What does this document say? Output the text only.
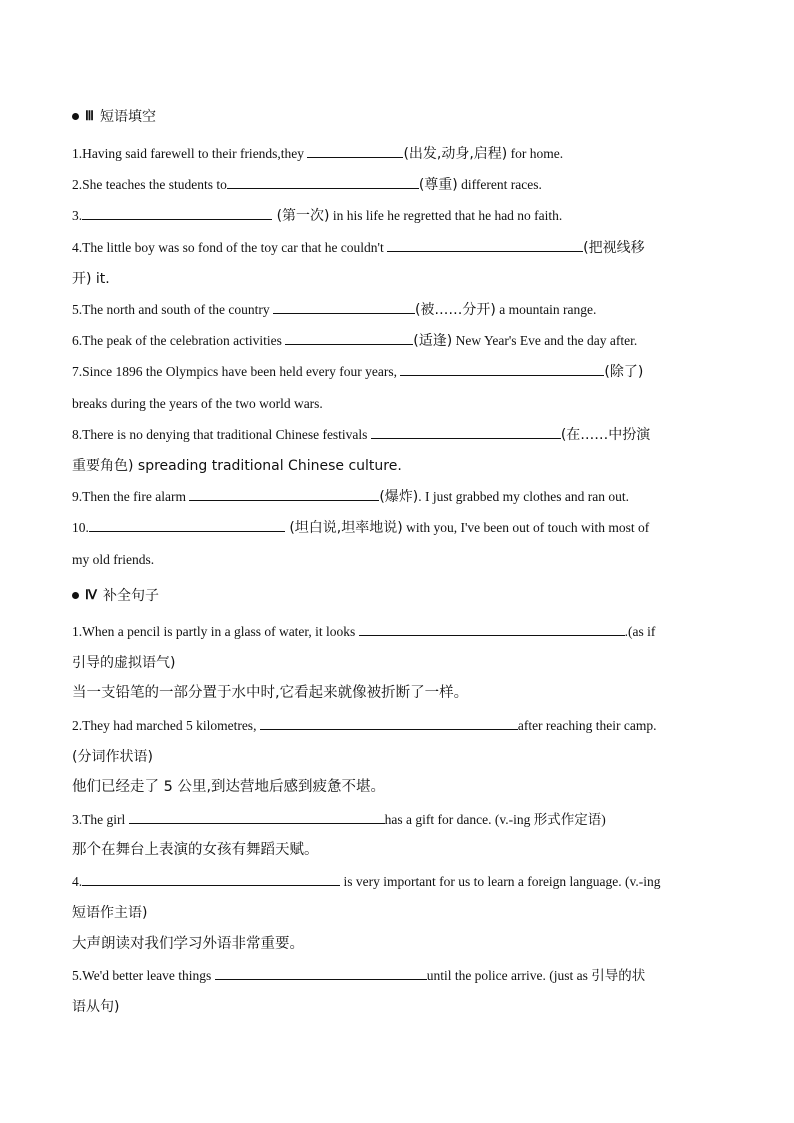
Ⅲ 短语填空
1.Having said farewell to their friends,they	(出发,动身,启程) for home.
2.She teaches the students to	(尊重) different races.
3.	(第一次) in his life he regretted that he had no faith.
4.The little boy was so fond of the toy car that he couldn't	(把视线移
开) it.
5.The north and south of the country	(被……分开) a mountain range.
6.The peak of the celebration activities	(适逢) New Year's Eve and the day after.
7.Since 1896 the Olympics have been held every four years,	(除了)
breaks during the years of the two world wars.
8.There is no denying that traditional Chinese festivals	(在……中扮演
重要角色) spreading traditional Chinese culture.
9.Then the fire alarm	(爆炸). I just grabbed my clothes and ran out.
10.	(坦白说,坦率地说) with you, I've been out of touch with most of
my old friends.
Ⅳ 补全句子
1.When a pencil is partly in a glass of water, it looks	.(as if
引导的虚拟语气)
当一支铅笔的一部分置于水中时,它看起来就像被折断了一样。
2.They had marched 5 kilometres,	after reaching their camp.
(分词作状语)
他们已经走了 5 公里,到达营地后感到疲惫不堪。
3.The girl	has a gift for dance. (v.-ing 形式作定语)
那个在舞台上表演的女孩有舞蹈天赋。
4.	is very important for us to learn a foreign language. (v.-ing
短语作主语)
大声朗读对我们学习外语非常重要。
5.We'd better leave things	until the police arrive. (just as 引导的状
语从句)
